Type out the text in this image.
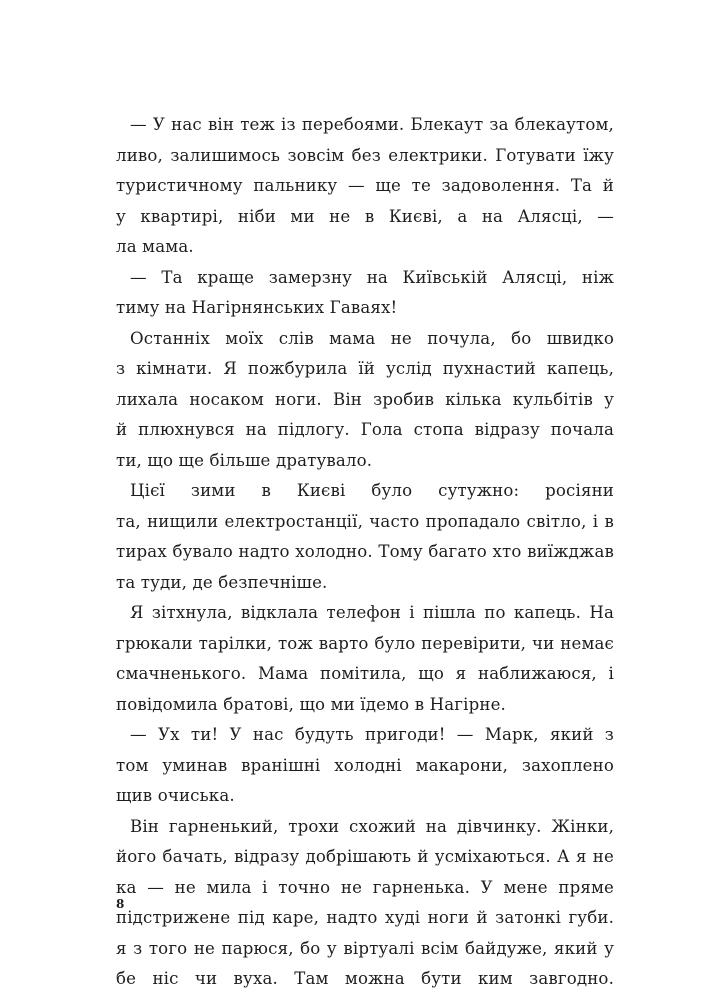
— У нас він теж із перебоями. Блекаут за блекаутом,
ливо, залишимось зовсім без електрики. Готувати їжу
туристичному пальнику — ще те задоволення. Та й
у квартирі, ніби ми не в Києві, а на Алясці, —
ла мама.
— Та краще замерзну на Київській Алясці, ніж
тиму на Нагірнянських Гаваях!
Останніх моїх слів мама не почула, бо швидко
з кімнати. Я пожбурила їй услід пухнастий капець,
лихала носаком ноги. Він зробив кілька кульбітів у
й плюхнувся на підлогу. Гола стопа відразу почала
ти, що ще більше дратувало.
Цієї зими в Києві було сутужно: росіяни
та, нищили електростанції, часто пропадало світло, і в
тирах бувало надто холодно. Тому багато хто виїжджав
та туди, де безпечніше.
Я зітхнула, відклала телефон і пішла по капець. На
грюкали тарілки, тож варто було перевірити, чи немає
смачненького. Мама помітила, що я наближаюся, і
повідомила братові, що ми їдемо в Нагірне.
— Ух ти! У нас будуть пригоди! — Марк, який з
том уминав вранішні холодні макарони, захоплено
щив очиська.
Він гарненький, трохи схожий на дівчинку. Жінки,
його бачать, відразу добрішають й усміхаються. А я не
ка — не мила і точно не гарненька. У мене пряме
підстрижене під каре, надто худі ноги й затонкі губи.
я з того не парюся, бо у віртуалі всім байдуже, який у
бе ніс чи вуха. Там можна бути ким завгодно.
8
